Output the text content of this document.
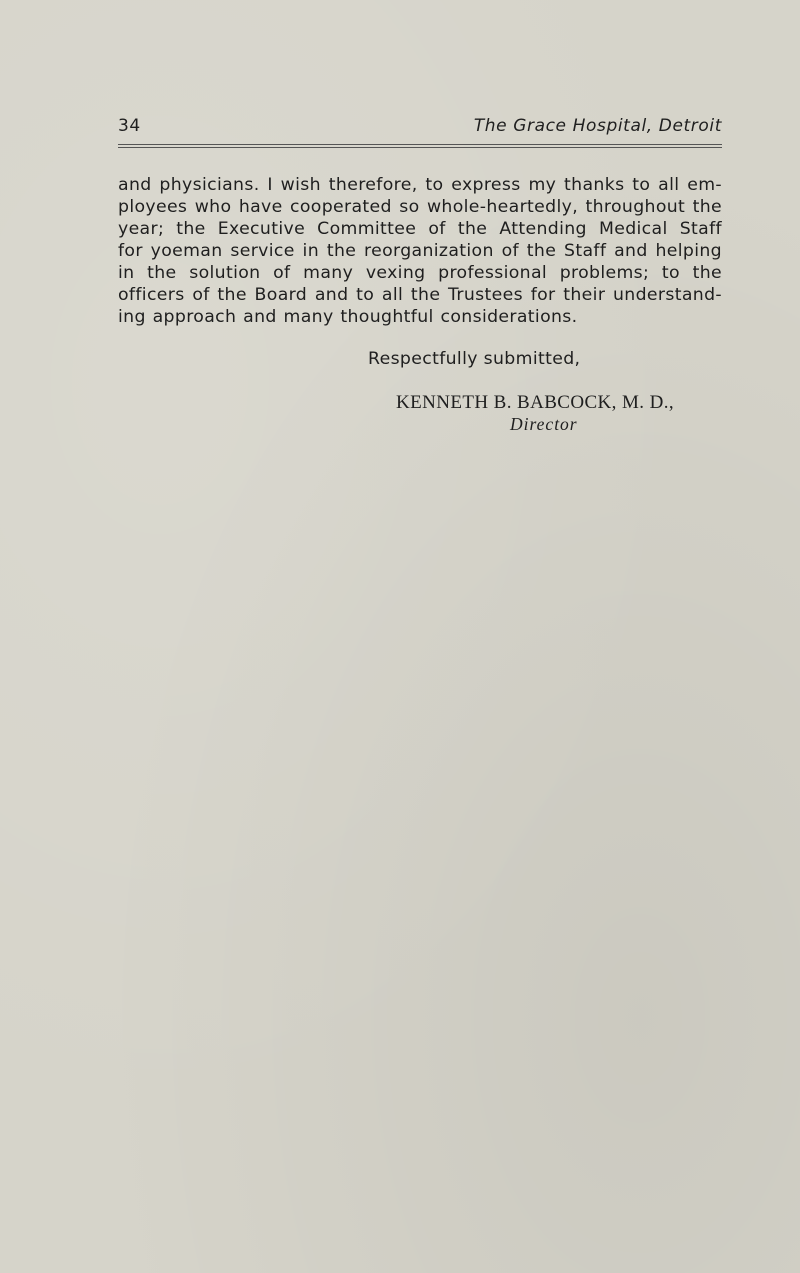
34	The Grace Hospital, Detroit
and physicians. I wish therefore, to express my thanks to all em-
ployees who have cooperated so whole-heartedly, throughout the
year; the Executive Committee of the Attending Medical Staff
for yoeman service in the reorganization of the Staff and helping
in the solution of many vexing professional problems; to the
officers of the Board and to all the Trustees for their understand-
ing approach and many thoughtful considerations.
Respectfully submitted,
KENNETH B. BABCOCK, M. D.,
Director
